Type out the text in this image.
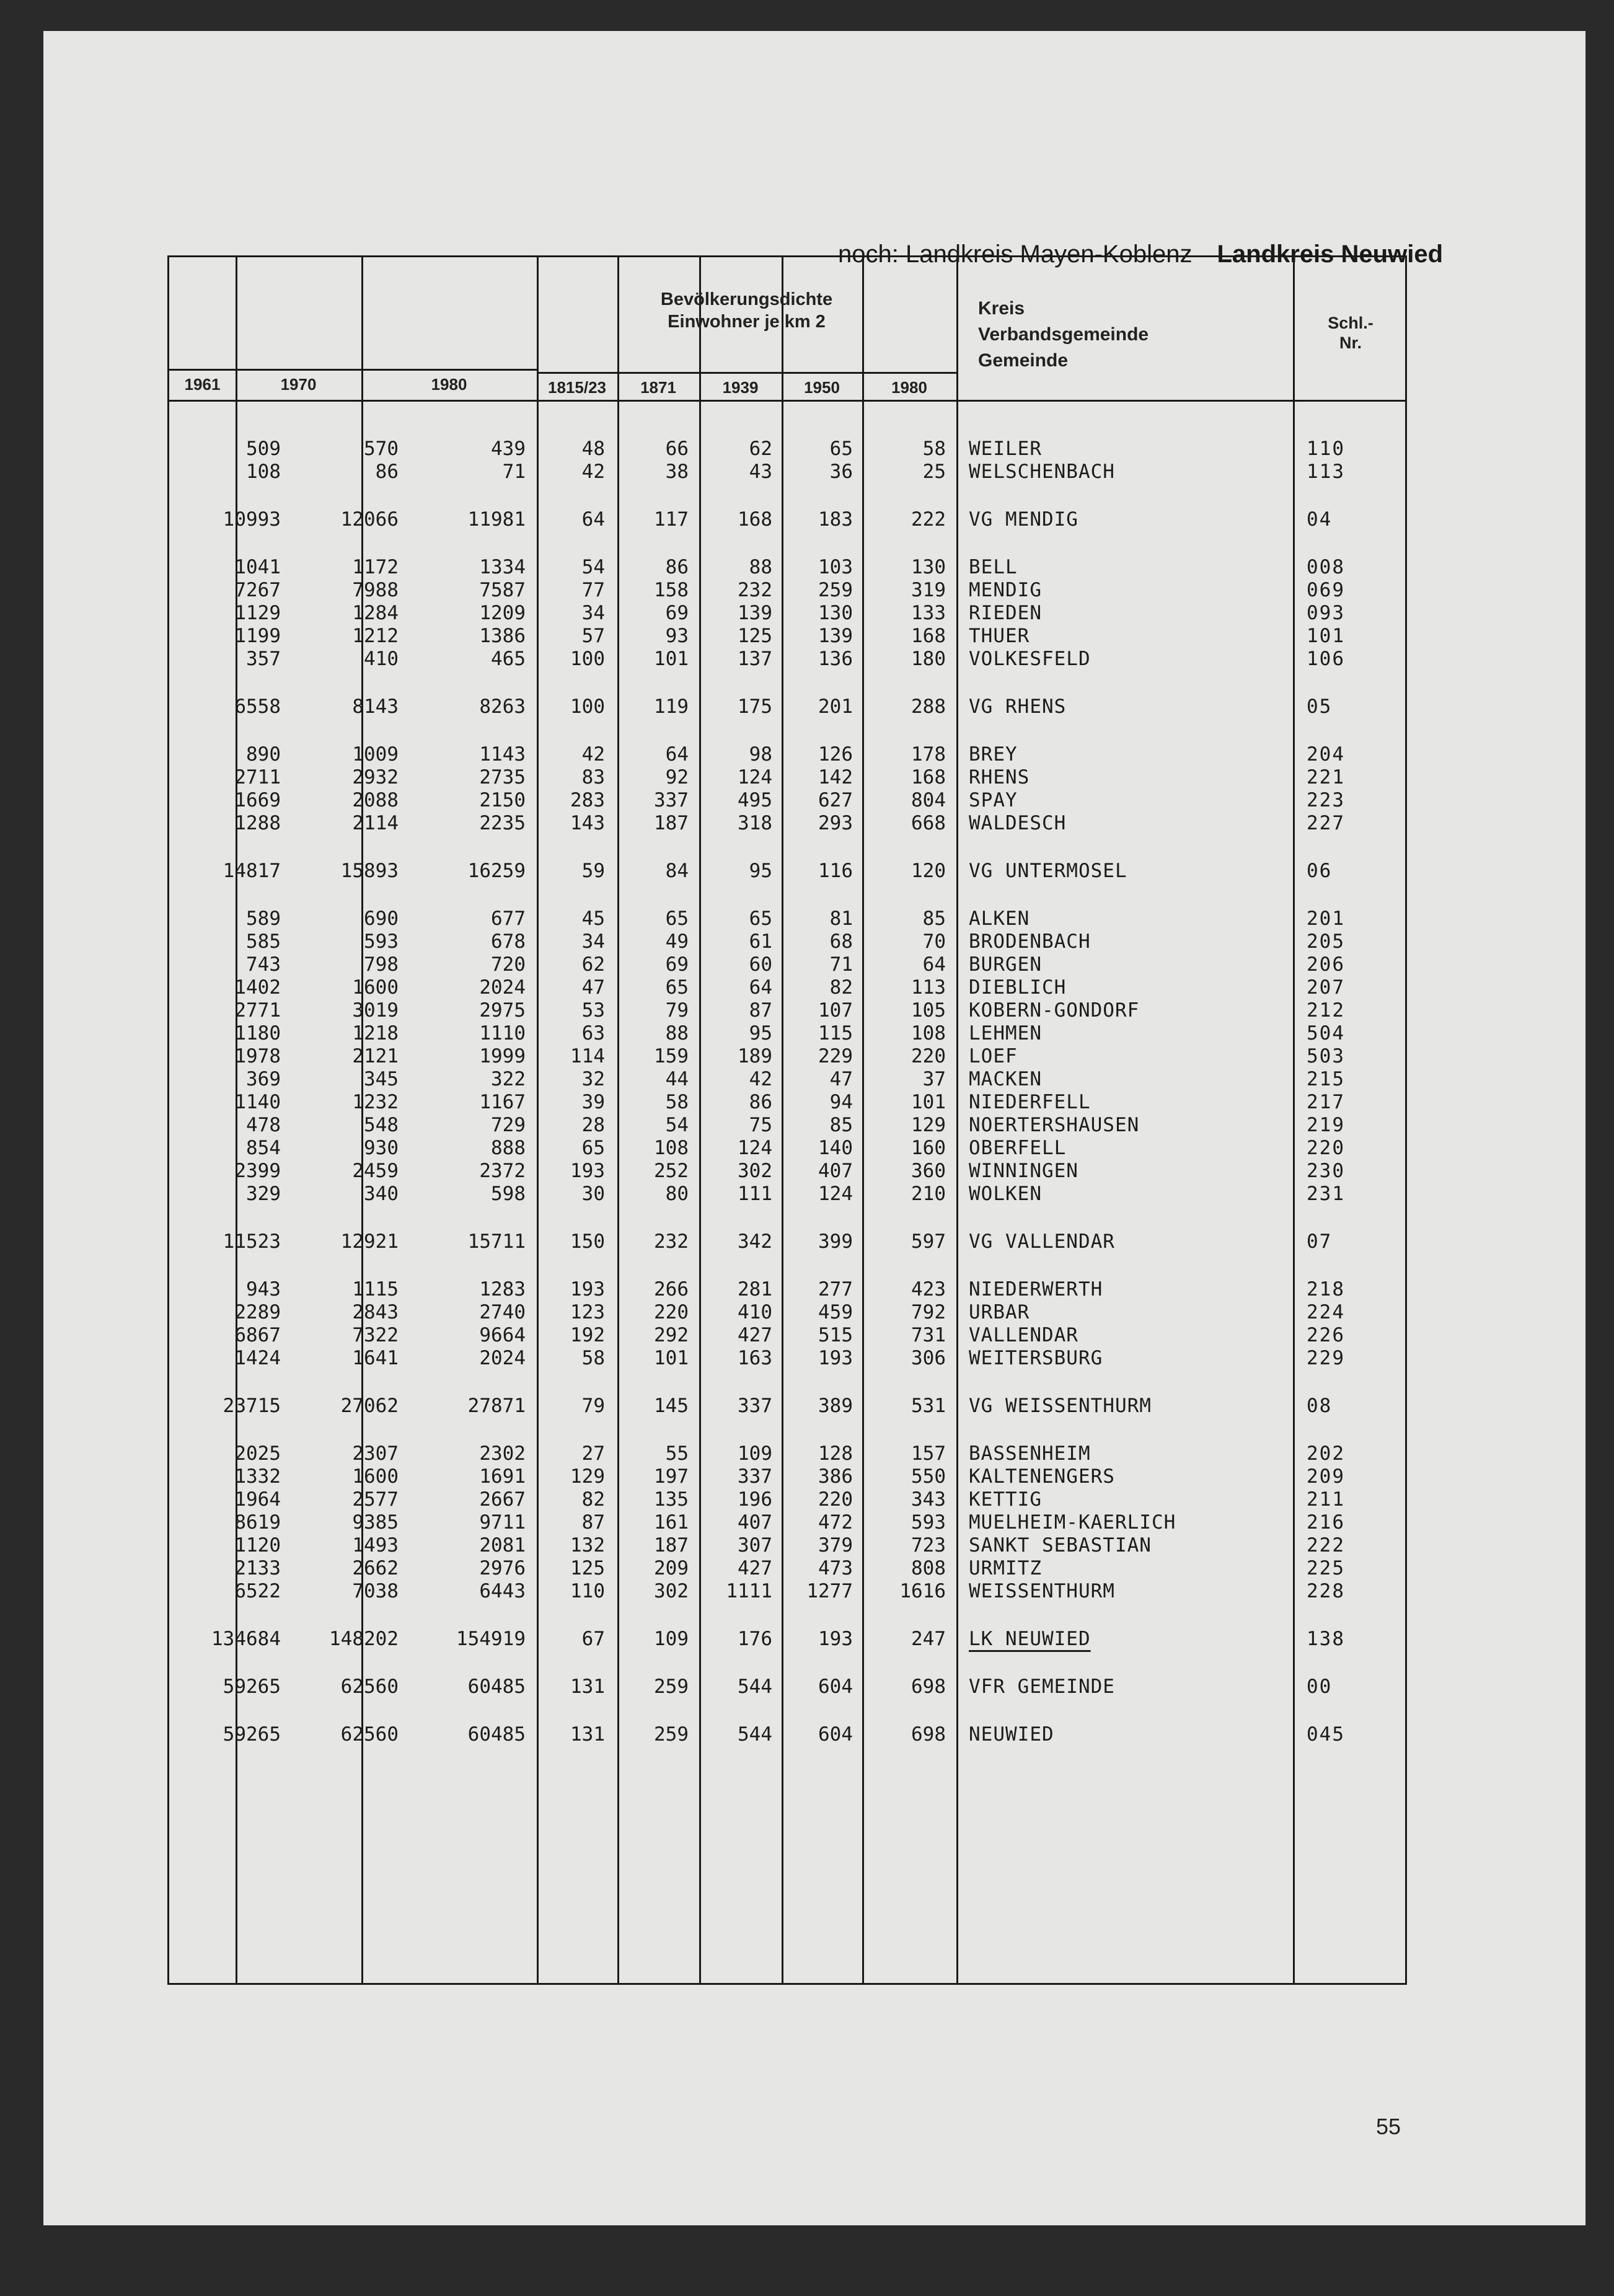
noch: Landkreis Mayen-Koblenz Landkreis Neuwied
1961	1970	1980
Bevölkerungsdichte
Einwohner je km 2
1815/23	1871	1939	1950	1980
Kreis
Verbandsgemeinde
Gemeinde
Schl.-
Nr.
509	570	439	48	66	62	65	58 WEILER	110
108	86	71	42	38	43	36	25 WELSCHENBACH	113
10993	12066	11981	64	117	168	183	222 VG MENDIG	04
1041	1172	1334	54	86	88	103	130 BELL	008
7267	7988	7587	77	158	232	259	319 MENDIG	069
1129	1284	1209	34	69	139	130	133 RIEDEN	093
1199	1212	1386	57	93	125	139	168 THUER	101
357	410	465	100	101	137	136	180 VOLKESFELD	106
6558	8143	8263	100	119	175	201	288 VG RHENS	05
890	1009	1143	42	64	98	126	178 BREY	204
2711	2932	2735	83	92	124	142	168 RHENS	221
1669	2088	2150	283	337	495	627	804 SPAY	223
1288	2114	2235	143	187	318	293	668 WALDESCH	227
14817	15893	16259	59	84	95	116	120 VG UNTERMOSEL	06
589	690	677	45	65	65	81	85 ALKEN	201
585	593	678	34	49	61	68	70 BRODENBACH	205
743	798	720	62	69	60	71	64 BURGEN	206
1402	1600	2024	47	65	64	82	113 DIEBLICH	207
2771	3019	2975	53	79	87	107	105 KOBERN-GONDORF	212
1180	1218	1110	63	88	95	115	108 LEHMEN	504
1978	2121	1999	114	159	189	229	220 LOEF	503
369	345	322	32	44	42	47	37 MACKEN	215
1140	1232	1167	39	58	86	94	101 NIEDERFELL	217
478	548	729	28	54	75	85	129 NOERTERSHAUSEN	219
854	930	888	65	108	124	140	160 OBERFELL	220
2399	2459	2372	193	252	302	407	360 WINNINGEN	230
329	340	598	30	80	111	124	210 WOLKEN	231
11523	12921	15711	150	232	342	399	597 VG VALLENDAR	07
943	1115	1283	193	266	281	277	423 NIEDERWERTH	218
2289	2843	2740	123	220	410	459	792 URBAR	224
6867	7322	9664	192	292	427	515	731 VALLENDAR	226
1424	1641	2024	58	101	163	193	306 WEITERSBURG	229
23715	27062	27871	79	145	337	389	531 VG WEISSENTHURM	08
2025	2307	2302	27	55	109	128	157 BASSENHEIM	202
1332	1600	1691	129	197	337	386	550 KALTENENGERS	209
1964	2577	2667	82	135	196	220	343 KETTIG	211
8619	9385	9711	87	161	407	472	593 MUELHEIM-KAERLICH	216
1120	1493	2081	132	187	307	379	723 SANKT SEBASTIAN	222
2133	2662	2976	125	209	427	473	808 URMITZ	225
6522	7038	6443	110	302	1111	1277	1616 WEISSENTHURM	228
134684	148202	154919	67	109	176	193	247 LK NEUWIED	138
59265	62560	60485	131	259	544	604	698 VFR GEMEINDE	00
59265	62560	60485	131	259	544	604	698 NEUWIED	045
55
